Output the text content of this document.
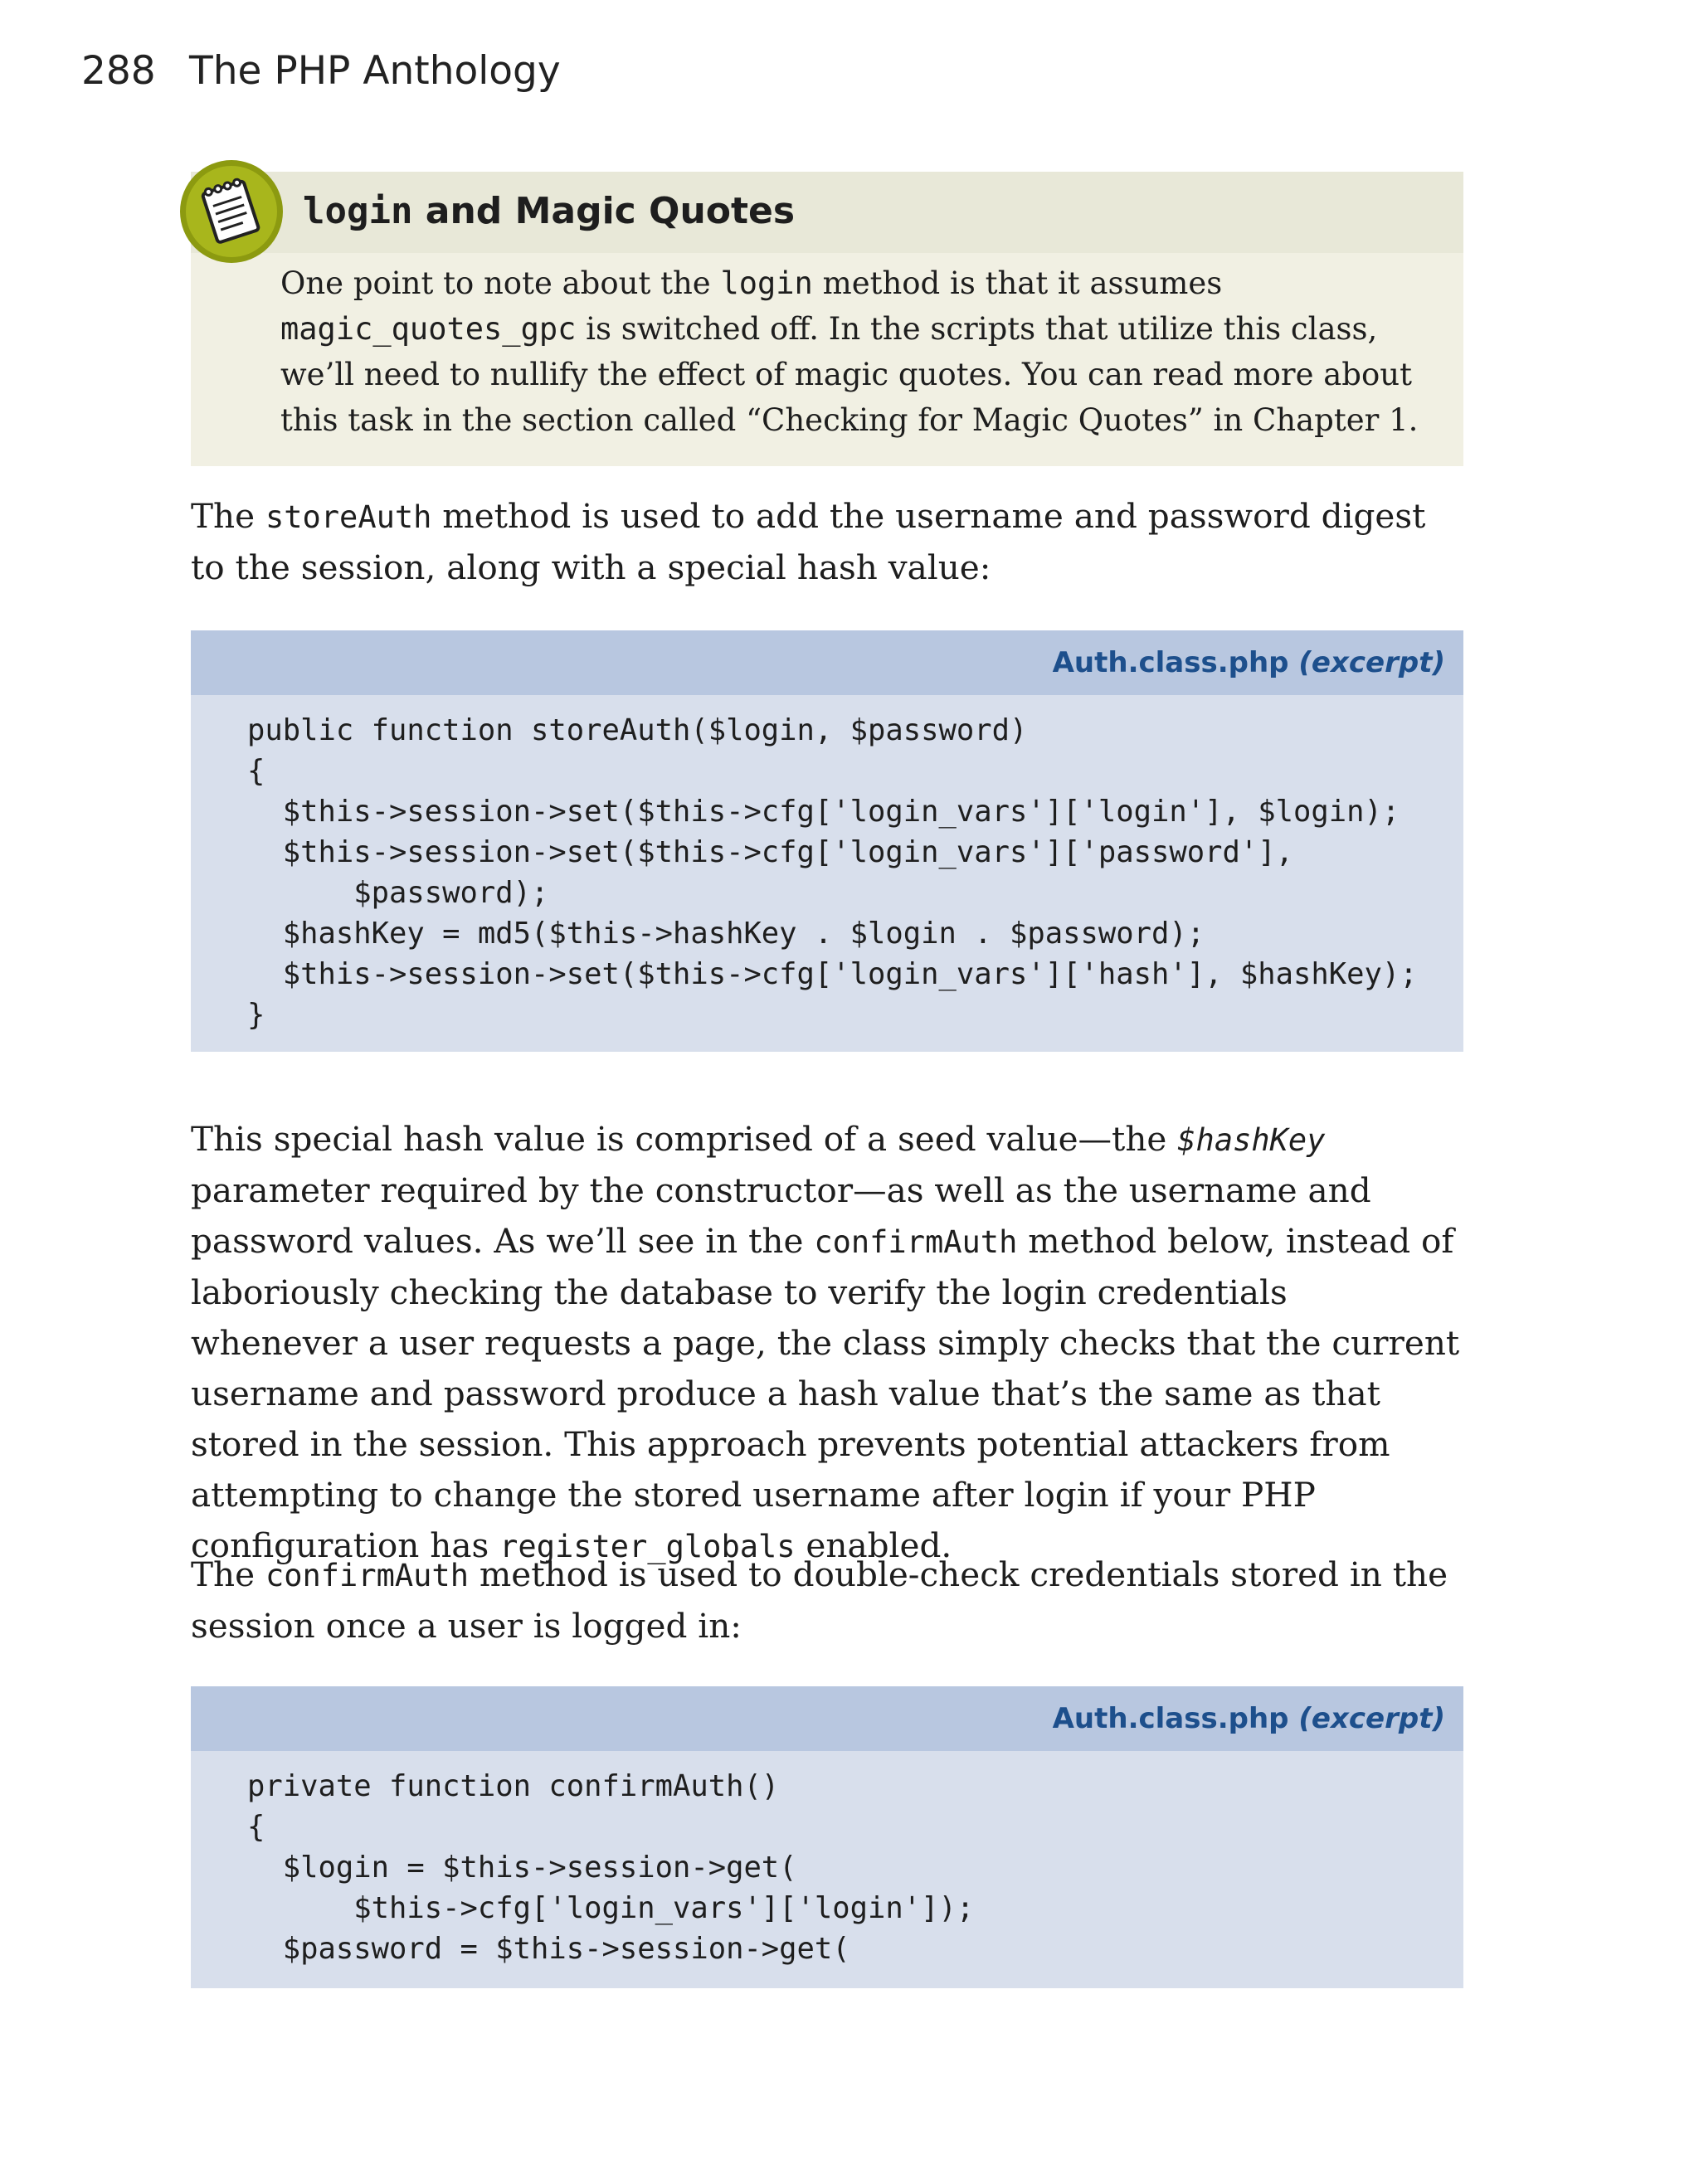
288 The PHP Anthology
login and Magic Quotes

One point to note about the login method is that it assumes magic_quotes_gpc is switched off. In the scripts that utilize this class, we’ll need to nullify the effect of magic quotes. You can read more about this task in the section called “Checking for Magic Quotes” in Chapter 1.

The storeAuth method is used to add the username and password digest to the session, along with a special hash value:

Auth.class.php (excerpt)
public function storeAuth($login, $password)
{
$this->session->set($this->cfg['login_vars']['login'], $login);
$this->session->set($this->cfg['login_vars']['password'],
$password);
$hashKey = md5($this->hashKey . $login . $password);
$this->session->set($this->cfg['login_vars']['hash'], $hashKey);
}

This special hash value is comprised of a seed value—the $hashKey parameter required by the constructor—as well as the username and password values. As we’ll see in the confirmAuth method below, instead of laboriously checking the database to verify the login credentials whenever a user requests a page, the class simply checks that the current username and password produce a hash value that’s the same as that stored in the session. This approach prevents potential attackers from attempting to change the stored username after login if your PHP configuration has register_globals enabled.

The confirmAuth method is used to double-check credentials stored in the session once a user is logged in:

Auth.class.php (excerpt)
private function confirmAuth()
{
$login = $this->session->get(
$this->cfg['login_vars']['login']);
$password = $this->session->get(
